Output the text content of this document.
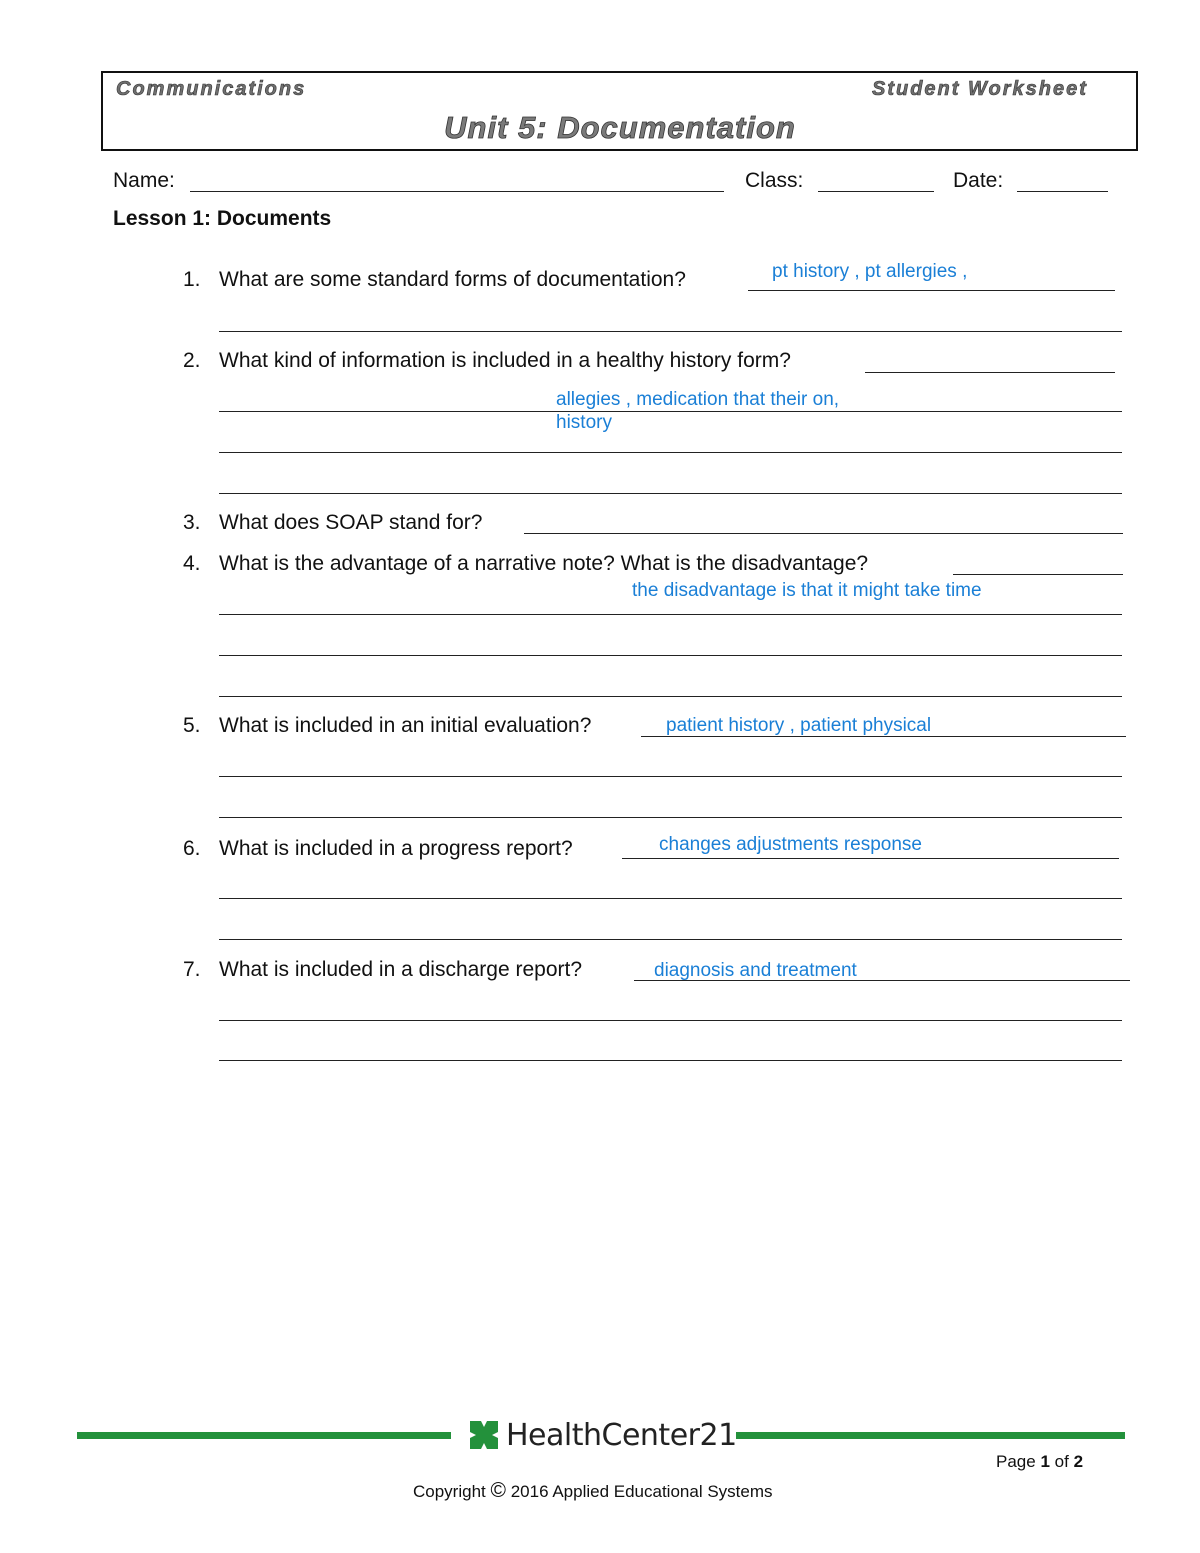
Communications	Student Worksheet
Unit 5: Documentation
Name:	Class:	Date:
Lesson 1: Documents
1. What are some standard forms of documentation?	pt history , pt allergies ,
2. What kind of information is included in a healthy history form?
allegies , medication that their on,
history
3. What does SOAP stand for?
4. What is the advantage of a narrative note? What is the disadvantage?
the disadvantage is that it might take time
5. What is included in an initial evaluation?	patient history , patient physical
6. What is included in a progress report?	changes adjustments response
7. What is included in a discharge report?	diagnosis and treatment
HealthCenter21
Page 1 of 2
Copyright © 2016 Applied Educational Systems
